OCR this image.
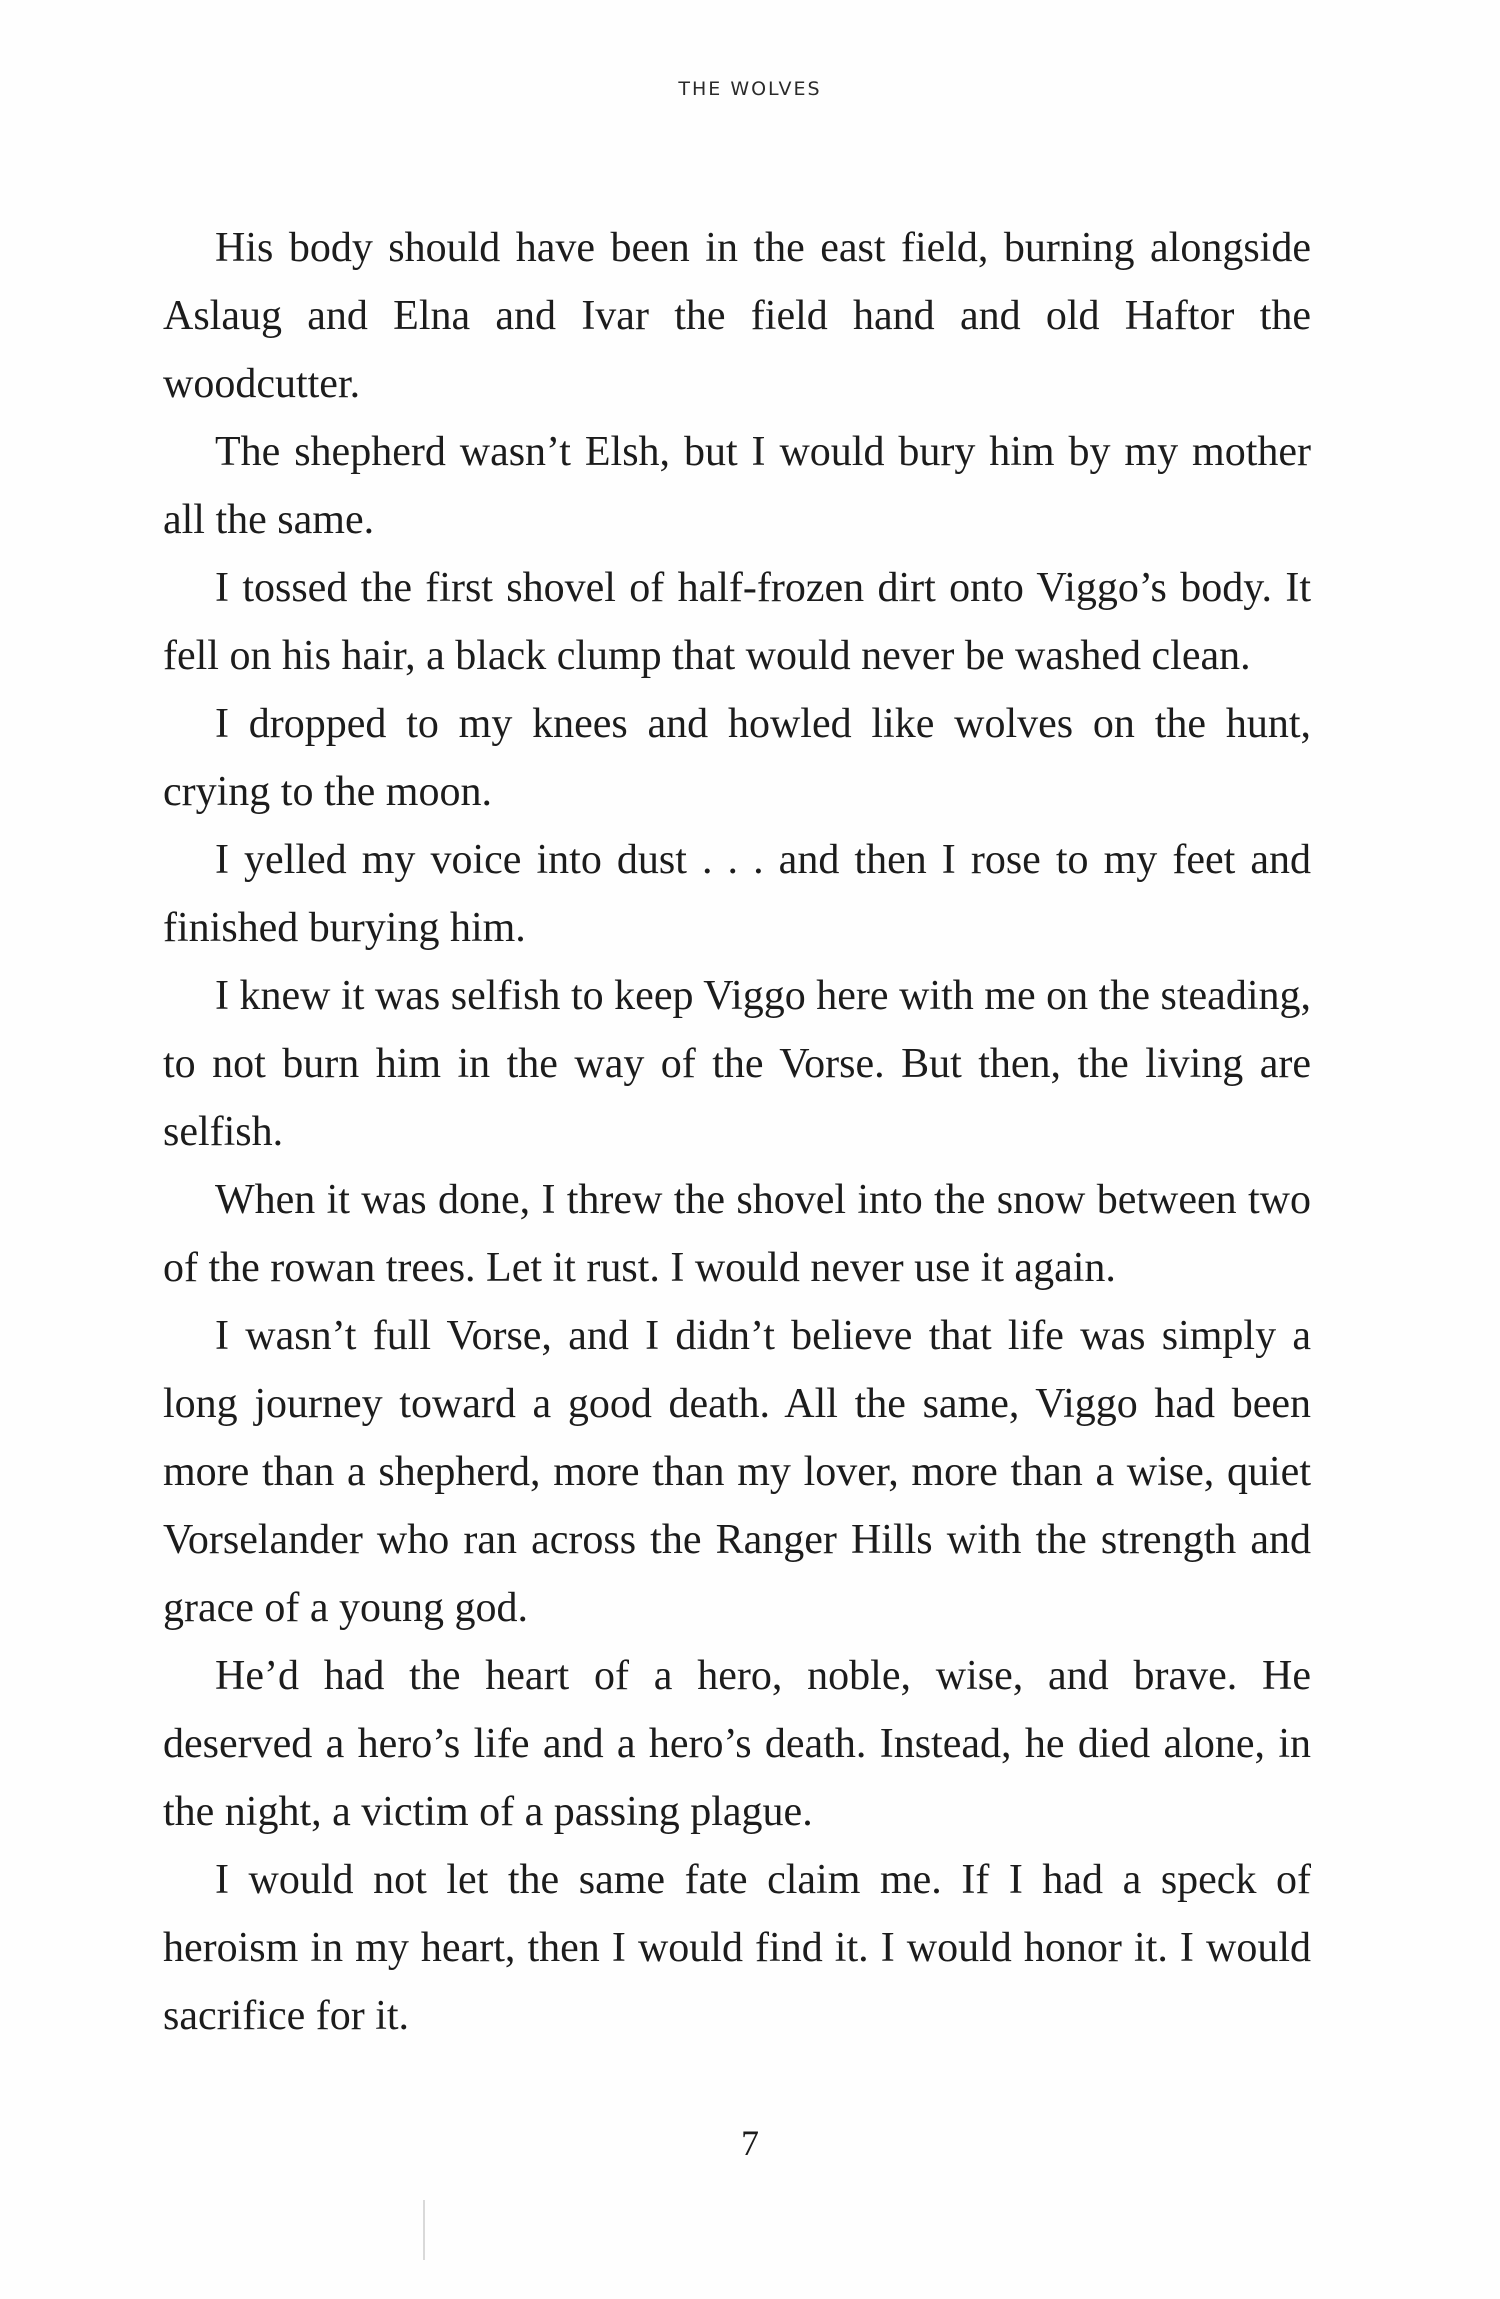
THE WOLVES

His body should have been in the east field, burning alongside Aslaug and Elna and Ivar the field hand and old Haftor the woodcutter.

The shepherd wasn’t Elsh, but I would bury him by my mother all the same.

I tossed the first shovel of half-frozen dirt onto Viggo’s body. It fell on his hair, a black clump that would never be washed clean.

I dropped to my knees and howled like wolves on the hunt, crying to the moon.

I yelled my voice into dust . . . and then I rose to my feet and finished burying him.

I knew it was selfish to keep Viggo here with me on the steading, to not burn him in the way of the Vorse. But then, the living are selfish.

When it was done, I threw the shovel into the snow between two of the rowan trees. Let it rust. I would never use it again.

I wasn’t full Vorse, and I didn’t believe that life was simply a long journey toward a good death. All the same, Viggo had been more than a shepherd, more than my lover, more than a wise, quiet Vorselander who ran across the Ranger Hills with the strength and grace of a young god.

He’d had the heart of a hero, noble, wise, and brave. He deserved a hero’s life and a hero’s death. Instead, he died alone, in the night, a victim of a passing plague.

I would not let the same fate claim me. If I had a speck of heroism in my heart, then I would find it. I would honor it. I would sacrifice for it.

7
